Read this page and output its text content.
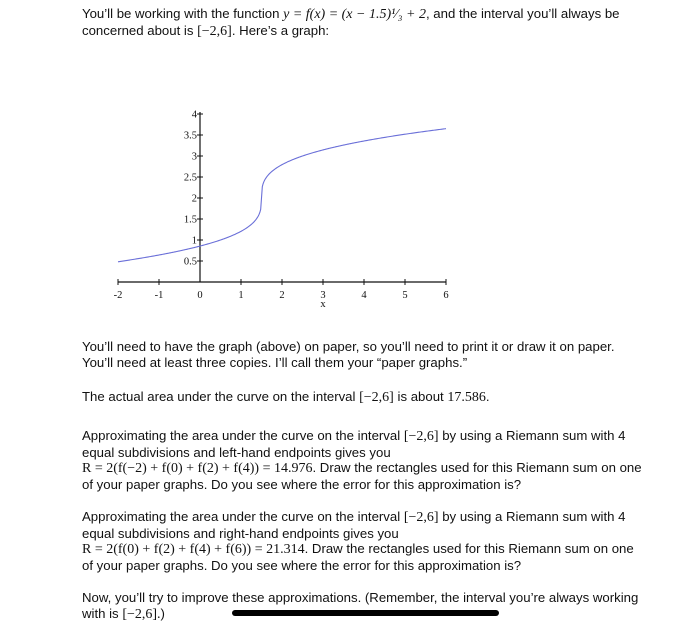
You’ll be working with the function y = f(x) = (x − 1.5)¹⁄₃ + 2, and the interval you’ll always be concerned about is [−2,6]. Here’s a graph:
-2	-1	0	1	2	3
x
4	5	6
0.5
1
1.5
2
2.5
3
3.5
4
You’ll need to have the graph (above) on paper, so you’ll need to print it or draw it on paper.
You’ll need at least three copies. I’ll call them your “paper graphs.”
The actual area under the curve on the interval [−2,6] is about 17.586.
Approximating the area under the curve on the interval [−2,6] by using a Riemann sum with 4 equal subdivisions and left-hand endpoints gives you
R = 2(f(−2) + f(0) + f(2) + f(4)) = 14.976. Draw the rectangles used for this Riemann sum on one of your paper graphs. Do you see where the error for this approximation is?
Approximating the area under the curve on the interval [−2,6] by using a Riemann sum with 4 equal subdivisions and right-hand endpoints gives you
R = 2(f(0) + f(2) + f(4) + f(6)) = 21.314. Draw the rectangles used for this Riemann sum on one of your paper graphs. Do you see where the error for this approximation is?
Now, you’ll try to improve these approximations. (Remember, the interval you’re always working with is [−2,6].)
